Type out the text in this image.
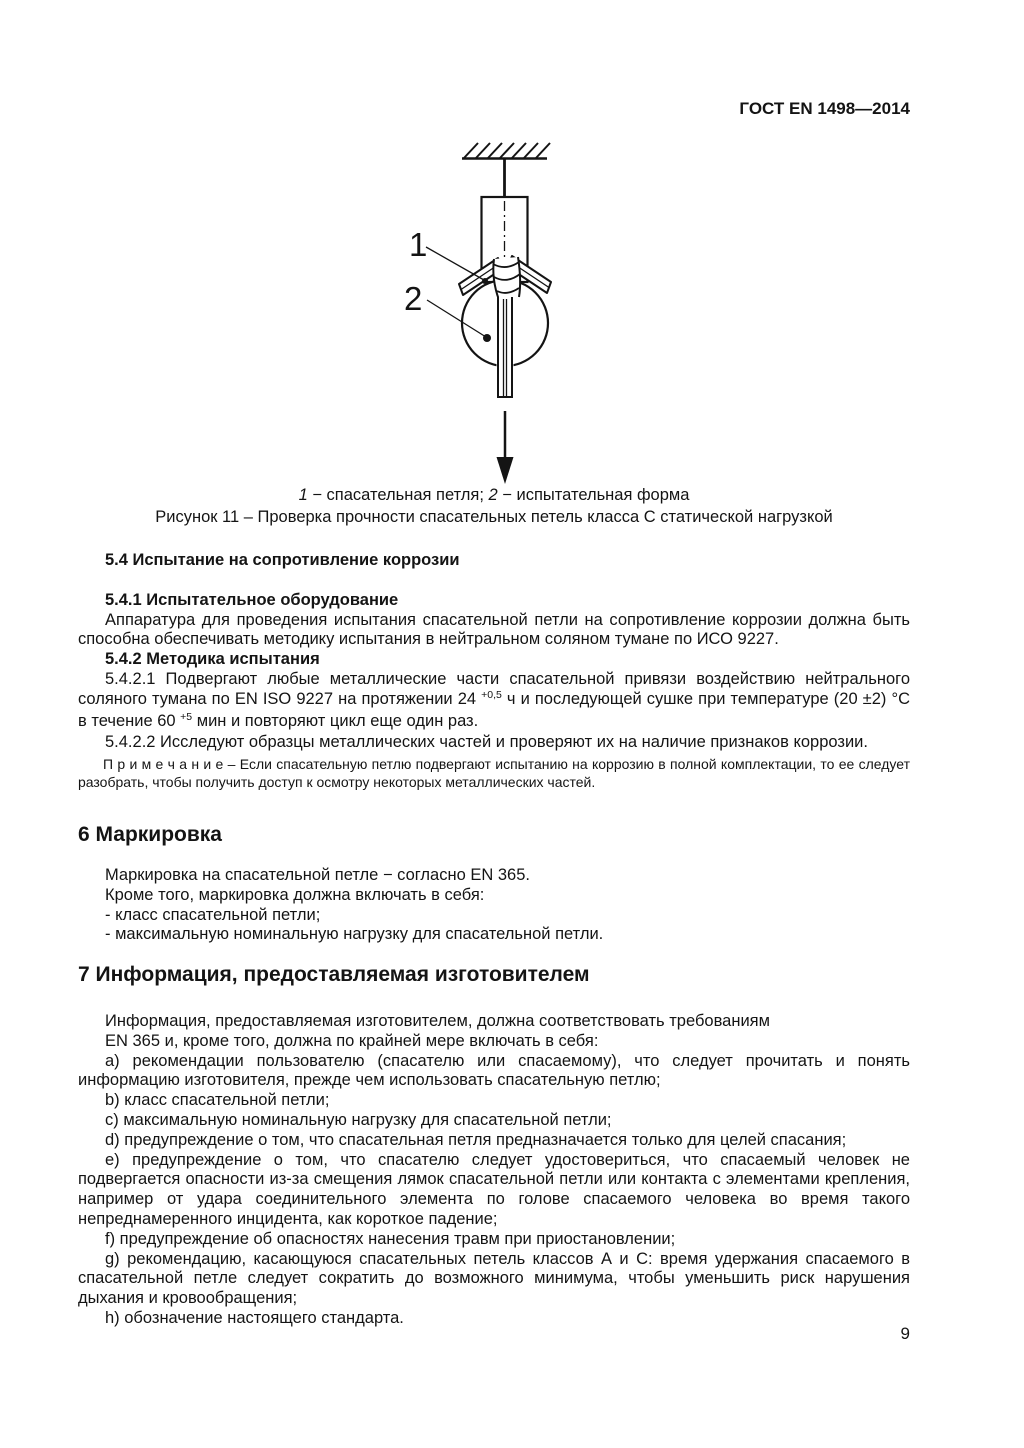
ГОСТ EN 1498—2014
1
2
1 − спасательная петля; 2 − испытательная форма
Рисунок 11 – Проверка прочности спасательных петель класса С статической нагрузкой

5.4 Испытание на сопротивление коррозии

5.4.1 Испытательное оборудование

Аппаратура для проведения испытания спасательной петли на сопротивление коррозии должна быть способна обеспечивать методику испытания в нейтральном соляном тумане по ИСО 9227.

5.4.2 Методика испытания

5.4.2.1 Подвергают любые металлические части спасательной привязи воздействию нейтрального соляного тумана по EN ISO 9227 на протяжении 24 $^{+0,5}$ ч и последующей сушке при температуре (20 ±2) °С в течение 60 $^{+5}$ мин и повторяют цикл еще один раз.

5.4.2.2 Исследуют образцы металлических частей и проверяют их на наличие признаков коррозии.

П р и м е ч а н и е – Если спасательную петлю подвергают испытанию на коррозию в полной комплектации, то ее следует разобрать, чтобы получить доступ к осмотру некоторых металлических частей.

6 Маркировка

Маркировка на спасательной петле − согласно EN 365.

Кроме того, маркировка должна включать в себя:

- класс спасательной петли;

- максимальную номинальную нагрузку для спасательной петли.

7 Информация, предоставляемая изготовителем

Информация, предоставляемая изготовителем, должна соответствовать требованиям

EN 365 и, кроме того, должна по крайней мере включать в себя:

a) рекомендации пользователю (спасателю или спасаемому), что следует прочитать и понять информацию изготовителя, прежде чем использовать спасательную петлю;

b) класс спасательной петли;

c) максимальную номинальную нагрузку для спасательной петли;

d) предупреждение о том, что спасательная петля предназначается только для целей спасания;

e) предупреждение о том, что спасателю следует удостовериться, что спасаемый человек не подвергается опасности из-за смещения лямок спасательной петли или контакта с элементами крепления, например от удара соединительного элемента по голове спасаемого человека во время такого непреднамеренного инцидента, как короткое падение;

f) предупреждение об опасностях нанесения травм при приостановлении;

g) рекомендацию, касающуюся спасательных петель классов А и С: время удержания спасаемого в спасательной петле следует сократить до возможного минимума, чтобы уменьшить риск нарушения дыхания и кровообращения;

h) обозначение настоящего стандарта.

9
